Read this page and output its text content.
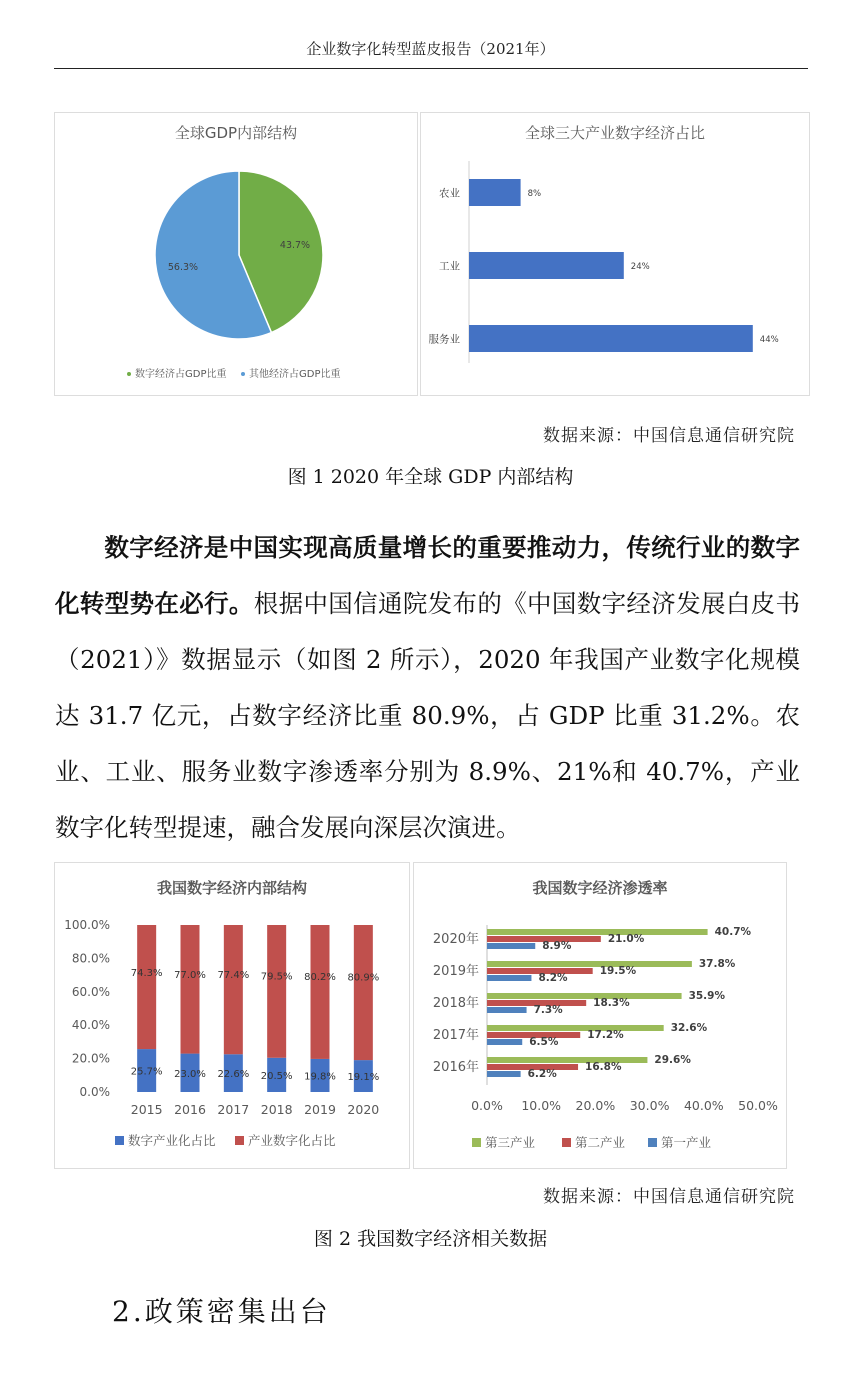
企业数字化转型蓝皮报告（2021年）
全球GDP内部结构
43.7%
56.3%
数字经济占GDP比重 其他经济占GDP比重
全球三大产业数字经济占比
农业	8%
工业	24%
服务业	44%
数据来源：中国信息通信研究院
图 1 2020 年全球 GDP 内部结构
数字经济是中国实现高质量增长的重要推动力，传统行业的数字化转型势在必行。根据中国信通院发布的《中国数字经济发展白皮书（2021）》数据显示（如图 2 所示），2020 年我国产业数字化规模达 31.7 亿元，占数字经济比重 80.9%，占 GDP 比重 31.2%。农业、工业、服务业数字渗透率分别为 8.9%、21%和 40.7%，产业数字化转型提速，融合发展向深层次演进。
我国数字经济内部结构
100.0%
80.0%
60.0%
40.0%
20.0%
0.0%
25.7%
74.3%
2015
23.0%
77.0%
2016
22.6%
77.4%
2017
20.5%
79.5%
2018
19.8%
80.2%
2019
19.1%
80.9%
2020
数字产业化占比	产业数字化占比
我国数字经济渗透率
0.0% 10.0% 20.0% 30.0% 40.0% 50.0%
2020年	40.7%
21.0%
8.9%
2019年	37.8%
19.5%
8.2%
2018年	35.9%
18.3%
7.3%
2017年	32.6%
17.2%
6.5%
2016年	29.6%
16.8%
6.2%
第三产业	第二产业	第一产业
数据来源：中国信息通信研究院
图 2 我国数字经济相关数据
2.政策密集出台
